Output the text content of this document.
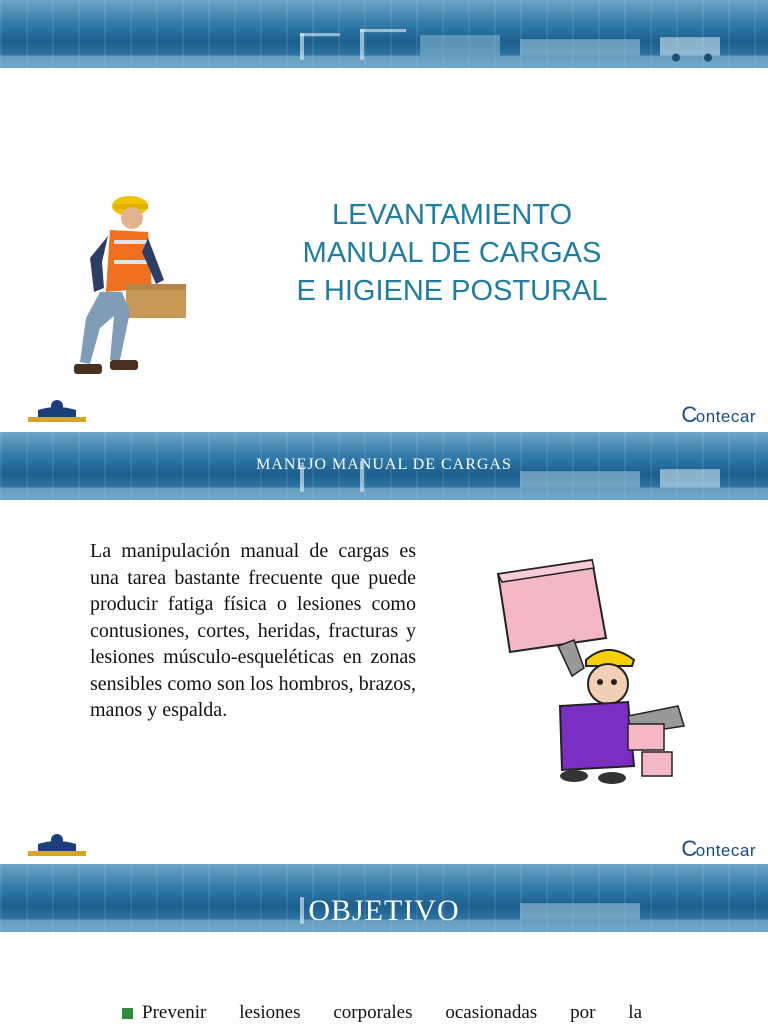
LEVANTAMIENTO
MANUAL DE CARGAS
E HIGIENE POSTURAL
Contecar
MANEJO MANUAL DE CARGAS
La manipulación manual de cargas es una tarea bastante frecuente que puede producir fatiga física o lesiones como contusiones, cortes, heridas, fracturas y lesiones músculo-esqueléticas en zonas sensibles como son los hombros, brazos, manos y espalda.
Contecar
OBJETIVO
Prevenir lesiones corporales ocasionadas por la
